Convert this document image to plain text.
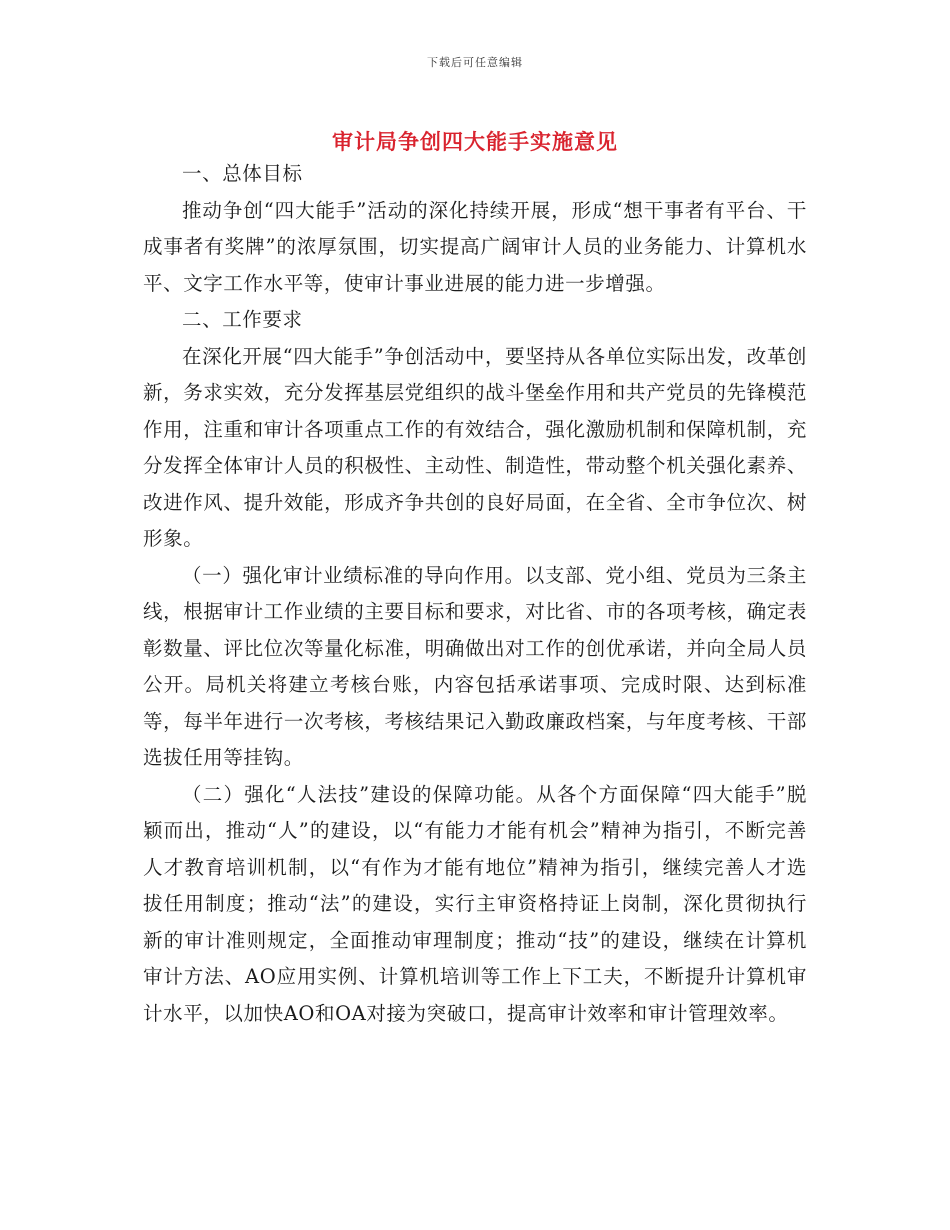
下载后可任意编辑
审计局争创四大能手实施意见

一、总体目标

推动争创“四大能手”活动的深化持续开展，形成“想干事者有平台、干成事者有奖牌”的浓厚氛围，切实提高广阔审计人员的业务能力、计算机水平、文字工作水平等，使审计事业进展的能力进一步增强。

二、工作要求

在深化开展“四大能手”争创活动中，要坚持从各单位实际出发，改革创新，务求实效，充分发挥基层党组织的战斗堡垒作用和共产党员的先锋模范作用，注重和审计各项重点工作的有效结合，强化激励机制和保障机制，充分发挥全体审计人员的积极性、主动性、制造性，带动整个机关强化素养、改进作风、提升效能，形成齐争共创的良好局面，在全省、全市争位次、树形象。

（一）强化审计业绩标准的导向作用。以支部、党小组、党员为三条主线，根据审计工作业绩的主要目标和要求，对比省、市的各项考核，确定表彰数量、评比位次等量化标准，明确做出对工作的创优承诺，并向全局人员公开。局机关将建立考核台账，内容包括承诺事项、完成时限、达到标准等，每半年进行一次考核，考核结果记入勤政廉政档案，与年度考核、干部选拔任用等挂钩。

（二）强化“人法技”建设的保障功能。从各个方面保障“四大能手”脱颖而出，推动“人”的建设，以“有能力才能有机会”精神为指引，不断完善人才教育培训机制，以“有作为才能有地位”精神为指引，继续完善人才选拔任用制度；推动“法”的建设，实行主审资格持证上岗制，深化贯彻执行新的审计准则规定，全面推动审理制度；推动“技”的建设，继续在计算机审计方法、AO应用实例、计算机培训等工作上下工夫，不断提升计算机审计水平，以加快AO和OA对接为突破口，提高审计效率和审计管理效率。
